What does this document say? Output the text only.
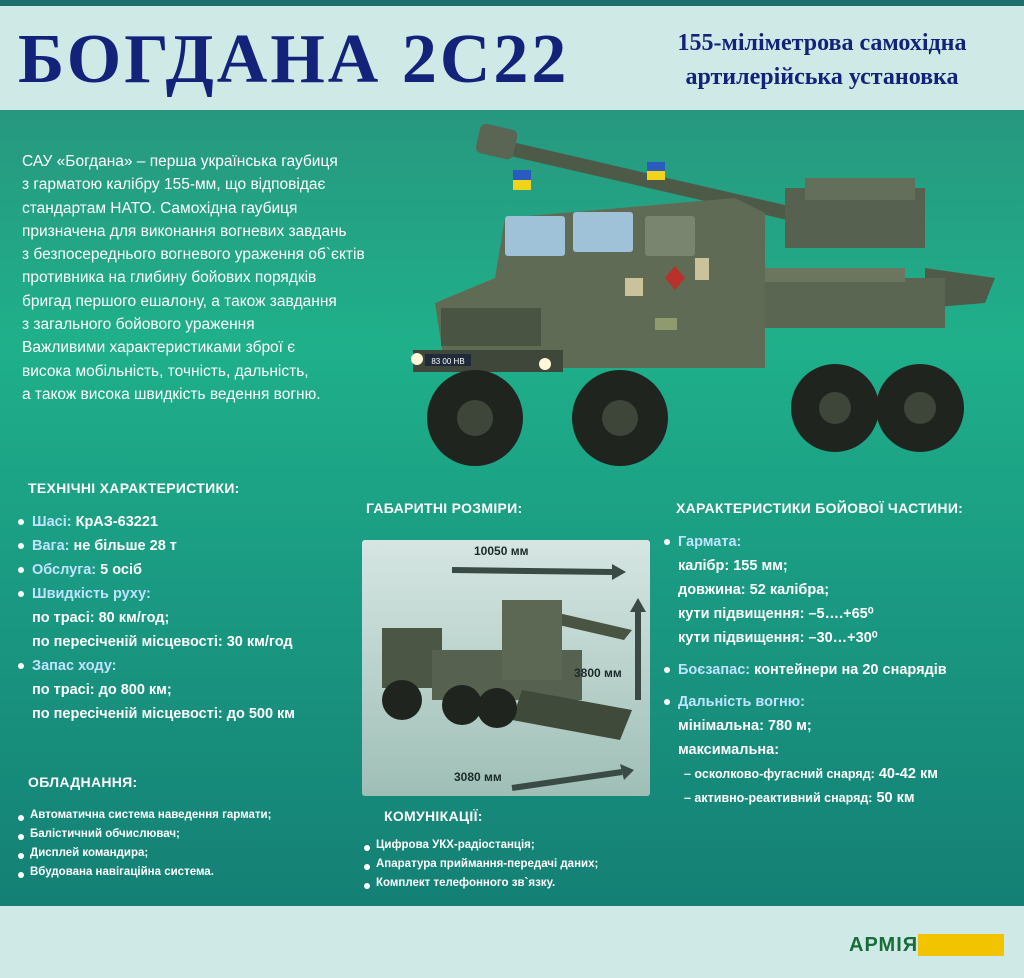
БОГДАНА 2С22	155-міліметрова самохідна
артилерійська установка

САУ «Богдана» – перша українська гаубиця

з гарматою калібру 155-мм, що відповідає

стандартам НАТО. Самохідна гаубиця

призначена для виконання вогневих завдань

з безпосереднього вогневого ураження об`єктів

противника на глибину бойових порядків

бригад першого ешалону, а також завдання

з загального бойового ураження

Важливими характеристиками зброї є

висока мобільність, точність, дальність,

а також висока швидкість ведення вогню.

83 00 НВ
ТЕХНІЧНІ ХАРАКТЕРИСТИКИ:
Шасі: КрАЗ-63221
Вага: не більше 28 т
Обслуга: 5 осіб
Швидкість руху:
по трасі: 80 км/год;
по пересіченій місцевості: 30 км/год
Запас ходу:
по трасі: до 800 км;
по пересіченій місцевості: до 500 км
ОБЛАДНАННЯ:
Автоматична система наведення гармати;
Балістичний обчислювач;
Дисплей командира;
Вбудована навігаційна система.
ГАБАРИТНІ РОЗМІРИ:
10050 мм
3800 мм
3080 мм
КОМУНІКАЦІЇ:
Цифрова УКХ-радіостанція;
Апаратура приймання-передачі даних;
Комплект телефонного зв`язку.
ХАРАКТЕРИСТИКИ БОЙОВОЇ ЧАСТИНИ:
Гармата:
калібр: 155 мм;
довжина: 52 калібра;
кути підвищення: –5….+65⁰
кути підвищення: –30…+30⁰
Боєзапас: контейнери на 20 снарядів
Дальність вогню:
мінімальна: 780 м;
максимальна:
– осколково-фугасний снаряд: 40-42 км
– активно-реактивний снаряд: 50 км
АРМІЯ інформ
